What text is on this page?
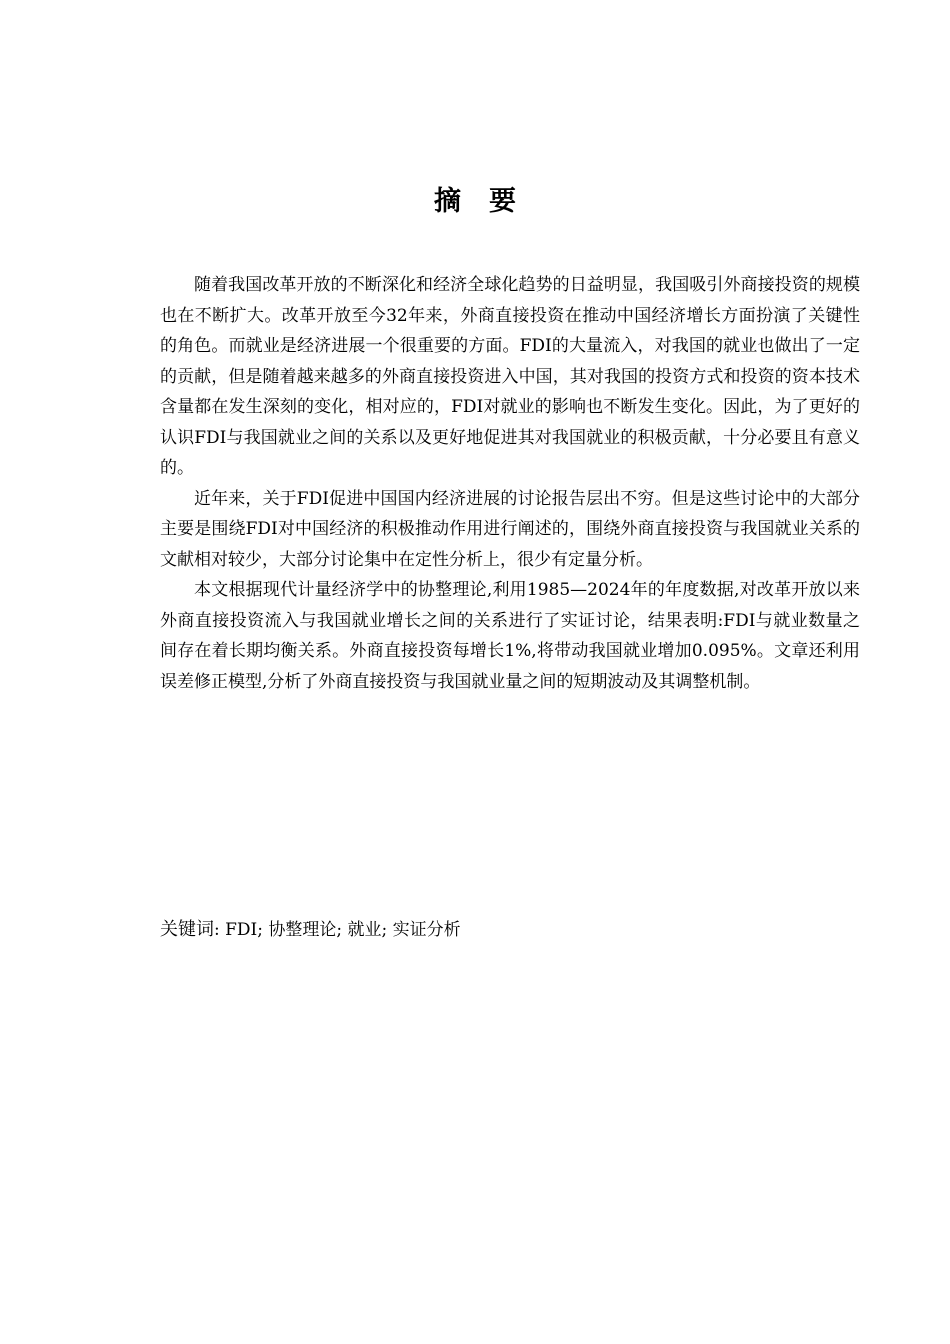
摘 要

随着我国改革开放的不断深化和经济全球化趋势的日益明显，我国吸引外商接投资的规模也在不断扩大。改革开放至今32年来，外商直接投资在推动中国经济增长方面扮演了关键性的角色。而就业是经济进展一个很重要的方面。FDI的大量流入，对我国的就业也做出了一定的贡献，但是随着越来越多的外商直接投资进入中国，其对我国的投资方式和投资的资本技术含量都在发生深刻的变化，相对应的，FDI对就业的影响也不断发生变化。因此，为了更好的认识FDI与我国就业之间的关系以及更好地促进其对我国就业的积极贡献，十分必要且有意义的。

近年来，关于FDI促进中国国内经济进展的讨论报告层出不穷。但是这些讨论中的大部分主要是围绕FDI对中国经济的积极推动作用进行阐述的，围绕外商直接投资与我国就业关系的文献相对较少，大部分讨论集中在定性分析上，很少有定量分析。

本文根据现代计量经济学中的协整理论,利用1985—2024年的年度数据,对改革开放以来外商直接投资流入与我国就业增长之间的关系进行了实证讨论，结果表明:FDI与就业数量之间存在着长期均衡关系。外商直接投资每增长1%,将带动我国就业增加0.095%。文章还利用误差修正模型,分析了外商直接投资与我国就业量之间的短期波动及其调整机制。

关键词: FDI; 协整理论; 就业; 实证分析
